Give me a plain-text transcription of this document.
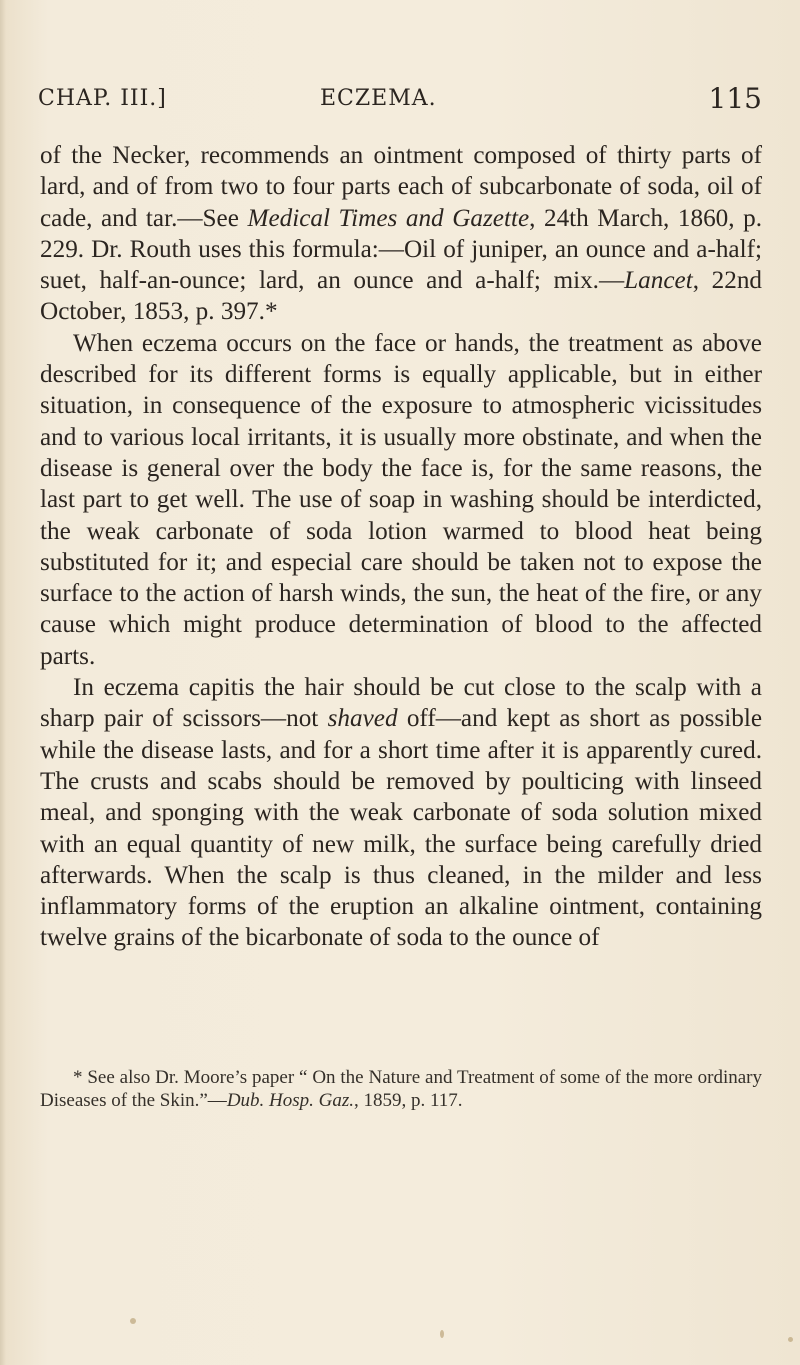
CHAP. III.]	ECZEMA.	115

of the Necker, recommends an ointment composed of thirty parts of lard, and of from two to four parts each of subcarbonate of soda, oil of cade, and tar.—See Medical Times and Gazette, 24th March, 1860, p. 229. Dr. Routh uses this formula:—Oil of juniper, an ounce and a-half; suet, half-an-ounce; lard, an ounce and a-half; mix.—Lancet, 22nd October, 1853, p. 397.*

When eczema occurs on the face or hands, the treatment as above described for its different forms is equally applicable, but in either situation, in consequence of the exposure to atmospheric vicissitudes and to various local irritants, it is usually more obstinate, and when the disease is general over the body the face is, for the same reasons, the last part to get well. The use of soap in washing should be interdicted, the weak carbonate of soda lotion warmed to blood heat being substituted for it; and especial care should be taken not to expose the surface to the action of harsh winds, the sun, the heat of the fire, or any cause which might produce determination of blood to the affected parts.

In eczema capitis the hair should be cut close to the scalp with a sharp pair of scissors—not shaved off—and kept as short as possible while the disease lasts, and for a short time after it is apparently cured. The crusts and scabs should be removed by poulticing with linseed meal, and sponging with the weak carbonate of soda solution mixed with an equal quantity of new milk, the surface being carefully dried afterwards. When the scalp is thus cleaned, in the milder and less inflammatory forms of the eruption an alkaline ointment, containing twelve grains of the bicarbonate of soda to the ounce of

* See also Dr. Moore’s paper “ On the Nature and Treatment of some of the more ordinary Diseases of the Skin.”—Dub. Hosp. Gaz., 1859, p. 117.
